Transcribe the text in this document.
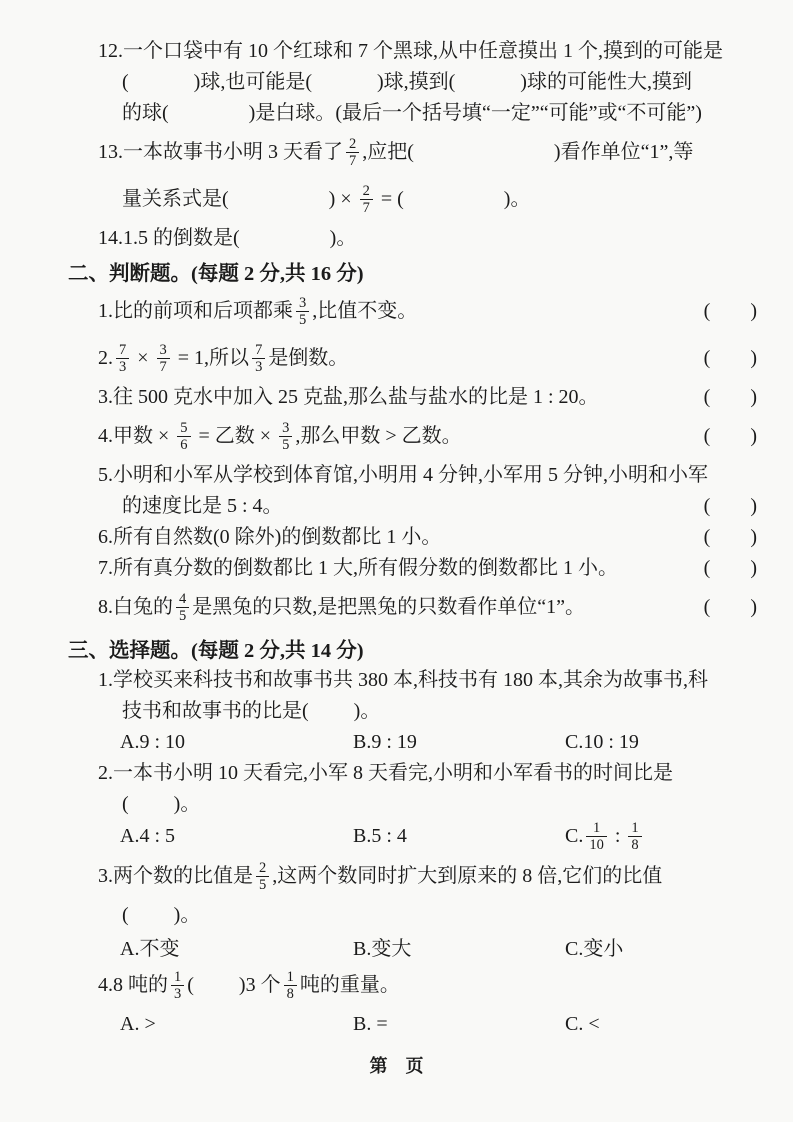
12.一个口袋中有 10 个红球和 7 个黑球,从中任意摸出 1 个,摸到的可能是
(             )球,也可能是(             )球,摸到(             )球的可能性大,摸到
的球(                )是白球。(最后一个括号填“一定”“可能”或“不可能”)
13.一本故事书小明 3 天看了 $\frac{2}{7}$ ,应把(                            )看作单位“1”,等
量关系式是(                    ) × $\frac{2}{7}$ = (                    )。
14.1.5 的倒数是(                  )。
二、判断题。(每题 2 分,共 16 分)
1.比的前项和后项都乘 $\frac{3}{5}$ ,比值不变。	(        )
2. $\frac{7}{3} \times \frac{3}{7} = 1$,所以 $\frac{7}{3}$ 是倒数。	(        )
3.往 500 克水中加入 25 克盐,那么盐与盐水的比是 1 : 20。	(        )
4.甲数 × $\frac{5}{6}$ = 乙数 × $\frac{3}{5}$ ,那么甲数 > 乙数。	(        )
5.小明和小军从学校到体育馆,小明用 4 分钟,小军用 5 分钟,小明和小军
的速度比是 5 : 4。	(        )
6.所有自然数(0 除外)的倒数都比 1 小。	(        )
7.所有真分数的倒数都比 1 大,所有假分数的倒数都比 1 小。	(        )
8.白兔的 $\frac{4}{5}$ 是黑兔的只数,是把黑兔的只数看作单位“1”。	(        )
三、选择题。(每题 2 分,共 14 分)
1.学校买来科技书和故事书共 380 本,科技书有 180 本,其余为故事书,科
技书和故事书的比是(         )。
A.9 : 10	B.9 : 19	C.10 : 19
2.一本书小明 10 天看完,小军 8 天看完,小明和小军看书的时间比是
(         )。
A.4 : 5	B.5 : 4	C. $\frac{1}{10}$ : $\frac{1}{8}$
3.两个数的比值是 $\frac{2}{5}$ ,这两个数同时扩大到原来的 8 倍,它们的比值
(         )。
A.不变	B.变大	C.变小
4.8 吨的 $\frac{1}{3}$ (         )3 个 $\frac{1}{8}$ 吨的重量。
A. >	B. =	C. <
第　页
